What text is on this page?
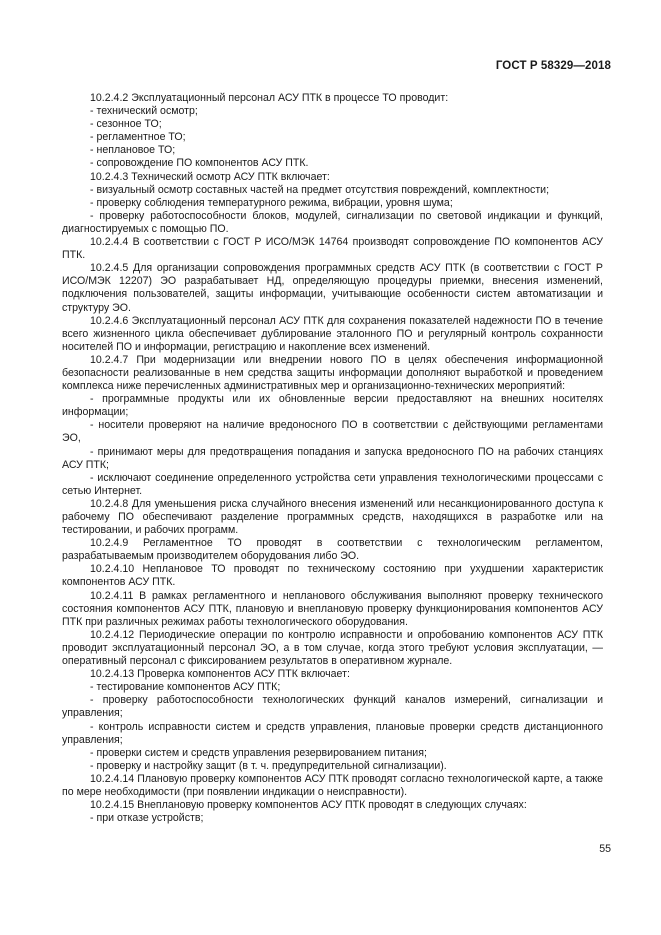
ГОСТ Р 58329—2018

10.2.4.2 Эксплуатационный персонал АСУ ПТК в процессе ТО проводит:

- технический осмотр;

- сезонное ТО;

- регламентное ТО;

- неплановое ТО;

- сопровождение ПО компонентов АСУ ПТК.

10.2.4.3 Технический осмотр АСУ ПТК включает:

- визуальный осмотр составных частей на предмет отсутствия повреждений, комплектности;

- проверку соблюдения температурного режима, вибрации, уровня шума;

- проверку работоспособности блоков, модулей, сигнализации по световой индикации и функций, диагностируемых с помощью ПО.

10.2.4.4 В соответствии с ГОСТ Р ИСО/МЭК 14764 производят сопровождение ПО компонентов АСУ ПТК.

10.2.4.5 Для организации сопровождения программных средств АСУ ПТК (в соответствии с ГОСТ Р ИСО/МЭК 12207) ЭО разрабатывает НД, определяющую процедуры приемки, внесения изменений, подключения пользователей, защиты информации, учитывающие особенности систем автоматизации и структуру ЭО.

10.2.4.6 Эксплуатационный персонал АСУ ПТК для сохранения показателей надежности ПО в течение всего жизненного цикла обеспечивает дублирование эталонного ПО и регулярный контроль сохранности носителей ПО и информации, регистрацию и накопление всех изменений.

10.2.4.7 При модернизации или внедрении нового ПО в целях обеспечения информационной безопасности реализованные в нем средства защиты информации дополняют выработкой и проведением комплекса ниже перечисленных административных мер и организационно-технических мероприятий:

- программные продукты или их обновленные версии предоставляют на внешних носителях информации;

- носители проверяют на наличие вредоносного ПО в соответствии с действующими регламентами ЭО,

- принимают меры для предотвращения попадания и запуска вредоносного ПО на рабочих станциях АСУ ПТК;

- исключают соединение определенного устройства сети управления технологическими процессами с сетью Интернет.

10.2.4.8 Для уменьшения риска случайного внесения изменений или несанкционированного доступа к рабочему ПО обеспечивают разделение программных средств, находящихся в разработке или на тестировании, и рабочих программ.

10.2.4.9 Регламентное ТО проводят в соответствии с технологическим регламентом, разрабатываемым производителем оборудования либо ЭО.

10.2.4.10 Неплановое ТО проводят по техническому состоянию при ухудшении характеристик компонентов АСУ ПТК.

10.2.4.11 В рамках регламентного и непланового обслуживания выполняют проверку технического состояния компонентов АСУ ПТК, плановую и внеплановую проверку функционирования компонентов АСУ ПТК при различных режимах работы технологического оборудования.

10.2.4.12 Периодические операции по контролю исправности и опробованию компонентов АСУ ПТК проводит эксплуатационный персонал ЭО, а в том случае, когда этого требуют условия эксплуатации, — оперативный персонал с фиксированием результатов в оперативном журнале.

10.2.4.13 Проверка компонентов АСУ ПТК включает:

- тестирование компонентов АСУ ПТК;

- проверку работоспособности технологических функций каналов измерений, сигнализации и управления;

- контроль исправности систем и средств управления, плановые проверки средств дистанционного управления;

- проверки систем и средств управления резервированием питания;

- проверку и настройку защит (в т. ч. предупредительной сигнализации).

10.2.4.14 Плановую проверку компонентов АСУ ПТК проводят согласно технологической карте, а также по мере необходимости (при появлении индикации о неисправности).

10.2.4.15 Внеплановую проверку компонентов АСУ ПТК проводят в следующих случаях:

- при отказе устройств;

55
